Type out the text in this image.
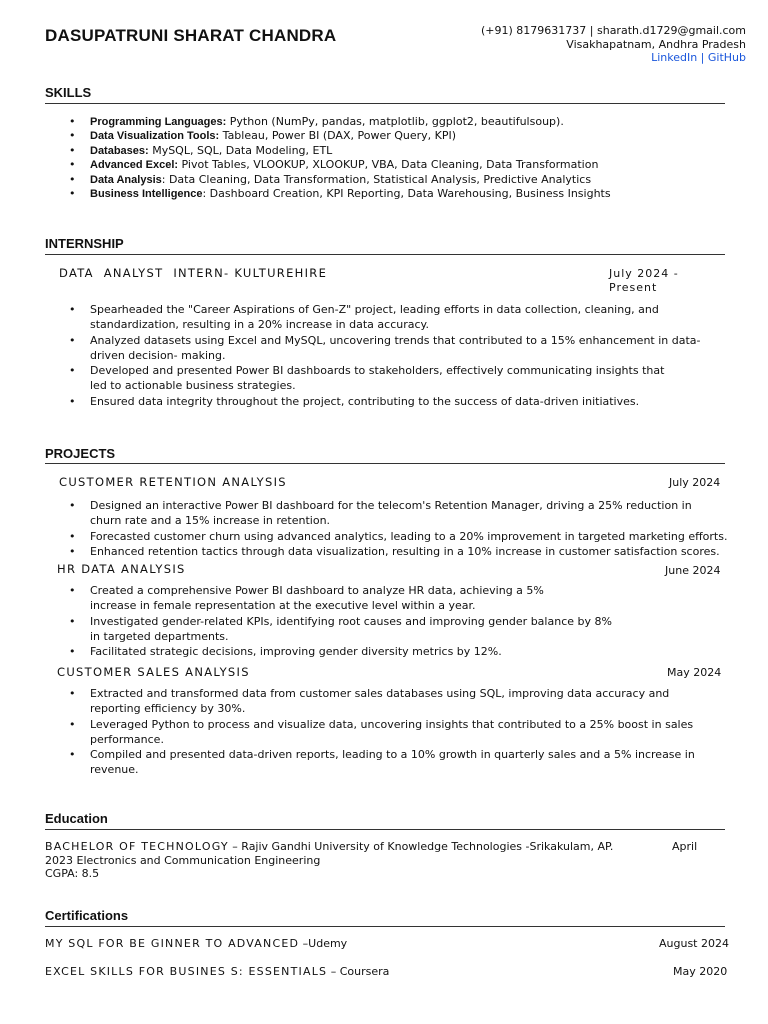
DASUPATRUNI SHARAT CHANDRA	(+91) 8179631737 | sharath.d1729@gmail.com
Visakhapatnam, Andhra Pradesh
LinkedIn | GitHub
SKILLS
• Programming Languages: Python (NumPy, pandas, matplotlib, ggplot2, beautifulsoup).
• Data Visualization Tools: Tableau, Power BI (DAX, Power Query, KPI)
• Databases: MySQL, SQL, Data Modeling, ETL
• Advanced Excel: Pivot Tables, VLOOKUP, XLOOKUP, VBA, Data Cleaning, Data Transformation
• Data Analysis: Data Cleaning, Data Transformation, Statistical Analysis, Predictive Analytics
• Business Intelligence: Dashboard Creation, KPI Reporting, Data Warehousing, Business Insights
INTERNSHIP
DATA  ANALYST  INTERN- KULTUREHIRE	July 2024 -
Present
• Spearheaded the "Career Aspirations of Gen-Z" project, leading efforts in data collection, cleaning, and standardization, resulting in a 20% increase in data accuracy.
• Analyzed datasets using Excel and MySQL, uncovering trends that contributed to a 15% enhancement in data-driven decision- making.
• Developed and presented Power BI dashboards to stakeholders, effectively communicating insights that led to actionable business strategies.
• Ensured data integrity throughout the project, contributing to the success of data-driven initiatives.
PROJECTS
CUSTOMER RETENTION ANALYSIS	July 2024
• Designed an interactive Power BI dashboard for the telecom's Retention Manager, driving a 25% reduction in churn rate and a 15% increase in retention.
• Forecasted customer churn using advanced analytics, leading to a 20% improvement in targeted marketing efforts.
• Enhanced retention tactics through data visualization, resulting in a 10% increase in customer satisfaction scores.
HR DATA ANALYSIS	June 2024
• Created a comprehensive Power BI dashboard to analyze HR data, achieving a 5% increase in female representation at the executive level within a year.
• Investigated gender-related KPIs, identifying root causes and improving gender balance by 8% in targeted departments.
• Facilitated strategic decisions, improving gender diversity metrics by 12%.
CUSTOMER SALES ANALYSIS	May 2024
• Extracted and transformed data from customer sales databases using SQL, improving data accuracy and reporting efficiency by 30%.
• Leveraged Python to process and visualize data, uncovering insights that contributed to a 25% boost in sales performance.
• Compiled and presented data-driven reports, leading to a 10% growth in quarterly sales and a 5% increase in revenue.
Education
BACHELOR OF TECHNOLOGY – Rajiv Gandhi University of Knowledge Technologies -Srikakulam, AP.	April
2023 Electronics and Communication Engineering
CGPA: 8.5
Certifications
MY SQL FOR BE GINNER TO ADVANCED –Udemy	August 2024
EXCEL SKILLS FOR BUSINES S: ESSENTIALS – Coursera	May 2020
